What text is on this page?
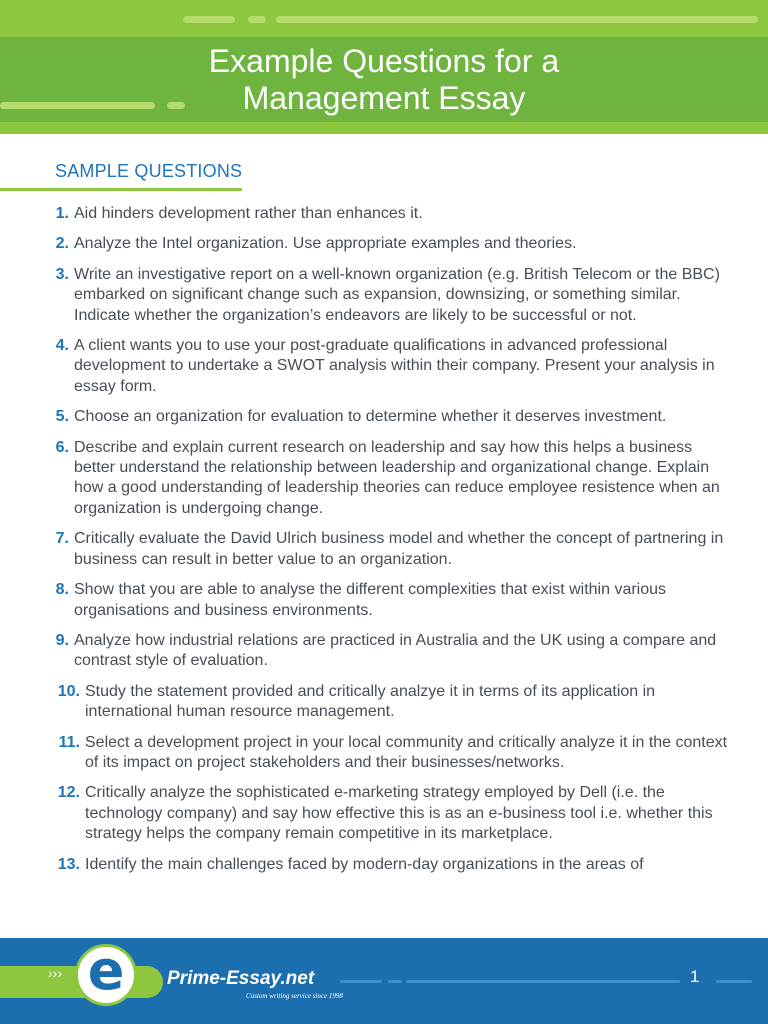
Example Questions for a
Management Essay
SAMPLE QUESTIONS
1. Aid hinders development rather than enhances it.
2. Analyze the Intel organization. Use appropriate examples and theories.
3. Write an investigative report on a well-known organization (e.g. British Telecom or the BBC) embarked on significant change such as expansion, downsizing, or something similar. Indicate whether the organization’s endeavors are likely to be successful or not.
4. A client wants you to use your post-graduate qualifications in advanced professional development to undertake a SWOT analysis within their company. Present your analysis in essay form.
5. Choose an organization for evaluation to determine whether it deserves investment.
6. Describe and explain current research on leadership and say how this helps a business better understand the relationship between leadership and organizational change. Explain how a good understanding of leadership theories can reduce employee resistence when an organization is undergoing change.
7. Critically evaluate the David Ulrich business model and whether the concept of partnering in business can result in better value to an organization.
8. Show that you are able to analyse the different complexities that exist within various organisations and business environments.
9. Analyze how industrial relations are practiced in Australia and the UK using a compare and contrast style of evaluation.
10. Study the statement provided and critically analzye it in terms of its application in international human resource management.
11. Select a development project in your local community and critically analyze it in the context of its impact on project stakeholders and their businesses/networks.
12. Critically analyze the sophisticated e-marketing strategy employed by Dell (i.e. the technology company) and say how effective this is as an e-business tool i.e. whether this strategy helps the company remain competitive in its marketplace.
13. Identify the main challenges faced by modern-day organizations in the areas of
››› e	Prime-Essay.net
Custom writing service since 1998
1
